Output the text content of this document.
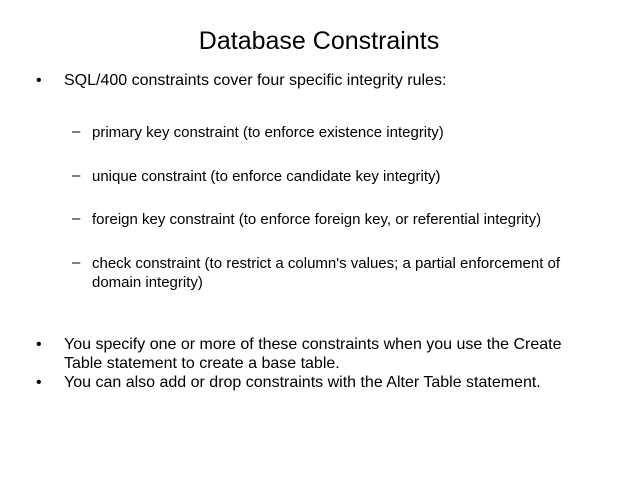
Database Constraints
•	SQL/400 constraints cover four specific integrity rules:
– primary key constraint (to enforce existence integrity)
– unique constraint (to enforce candidate key integrity)
– foreign key constraint (to enforce foreign key, or referential integrity)
– check constraint (to restrict a column's values; a partial enforcement of domain integrity)
•	You specify one or more of these constraints when you use the Create Table statement to create a base table.
•	You can also add or drop constraints with the Alter Table statement.
